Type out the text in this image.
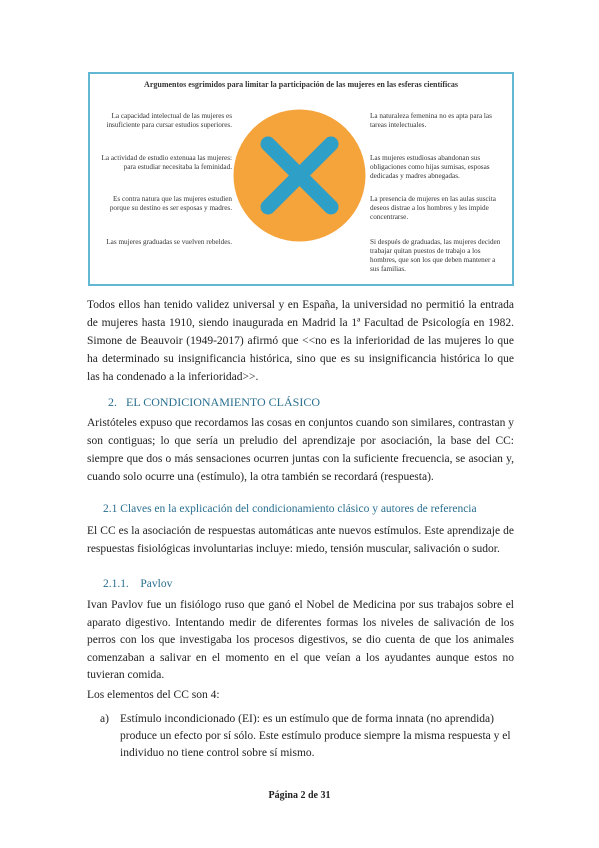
Argumentos esgrimidos para limitar la participación de las mujeres en las esferas científicas
La capacidad intelectual de las mujeres es insuficiente para cursar estudios superiores.
La actividad de estudio extenuaa las mujeres: para estudiar necesitaba la feminidad.
Es contra natura que las mujeres estudien porque su destino es ser esposas y madres.
Las mujeres graduadas se vuelven rebeldes.
La naturaleza femenina no es apta para las tareas intelectuales.
Las mujeres estudiosas abandonan sus obligaciones como hijas sumisas, esposas dedicadas y madres abnegadas.
La presencia de mujeres en las aulas suscita deseos distrae a los hombres y les impide concentrarse.
Si después de graduadas, las mujeres deciden trabajar quitan puestos de trabajo a los hombres, que son los que deben mantener a sus familias.
Todos ellos han tenido validez universal y en España, la universidad no permitió la entrada de mujeres hasta 1910, siendo inaugurada en Madrid la 1ª Facultad de Psicología en 1982. Simone de Beauvoir (1949-2017) afirmó que <<no es la inferioridad de las mujeres lo que ha determinado su insignificancia histórica, sino que es su insignificancia histórica lo que las ha condenado a la inferioridad>>.
2. EL CONDICIONAMIENTO CLÁSICO
Aristóteles expuso que recordamos las cosas en conjuntos cuando son similares, contrastan y son contiguas; lo que sería un preludio del aprendizaje por asociación, la base del CC: siempre que dos o más sensaciones ocurren juntas con la suficiente frecuencia, se asocian y, cuando solo ocurre una (estímulo), la otra también se recordará (respuesta).
2.1 Claves en la explicación del condicionamiento clásico y autores de referencia
El CC es la asociación de respuestas automáticas ante nuevos estímulos. Este aprendizaje de respuestas fisiológicas involuntarias incluye: miedo, tensión muscular, salivación o sudor.
2.1.1. Pavlov
Ivan Pavlov fue un fisiólogo ruso que ganó el Nobel de Medicina por sus trabajos sobre el aparato digestivo. Intentando medir de diferentes formas los niveles de salivación de los perros con los que investigaba los procesos digestivos, se dio cuenta de que los animales comenzaban a salivar en el momento en el que veían a los ayudantes aunque estos no tuvieran comida.
Los elementos del CC son 4:
a) Estímulo incondicionado (EI): es un estímulo que de forma innata (no aprendida) produce un efecto por sí sólo. Este estímulo produce siempre la misma respuesta y el individuo no tiene control sobre sí mismo.
Página 2 de 31
